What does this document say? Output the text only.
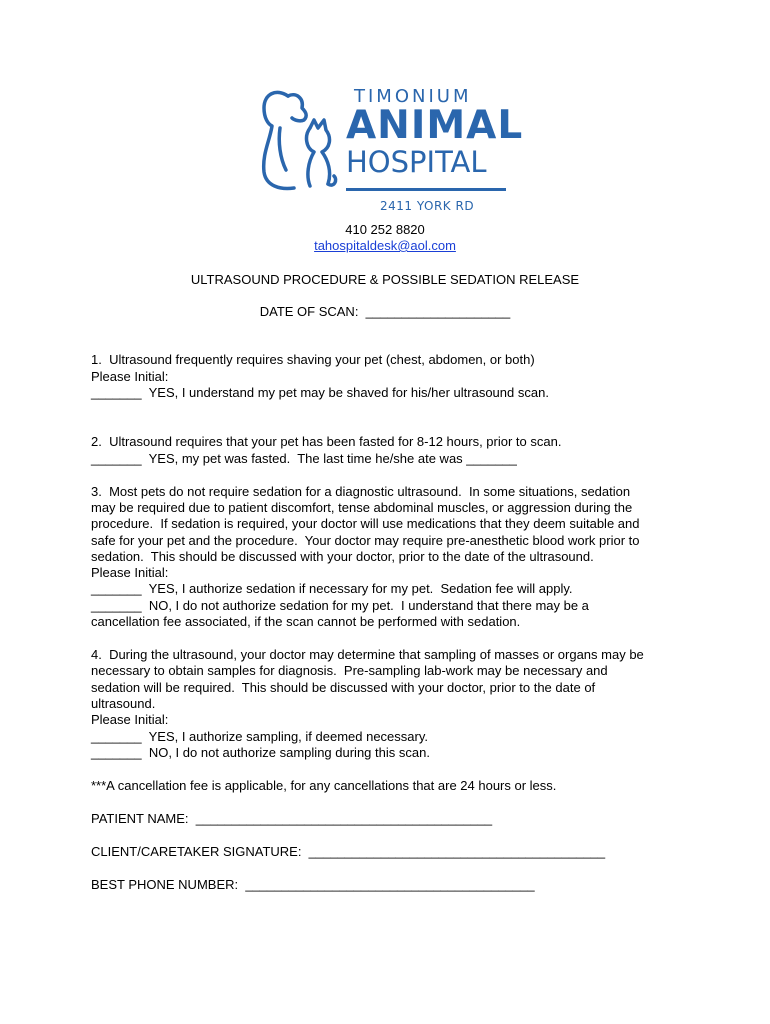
TIMONIUM
ANIMAL
HOSPITAL
2411 YORK RD
410 252 8820
tahospitaldesk@aol.com
ULTRASOUND PROCEDURE & POSSIBLE SEDATION RELEASE
DATE OF SCAN:  ____________________
1.  Ultrasound frequently requires shaving your pet (chest, abdomen, or both)
Please Initial:
_______  YES, I understand my pet may be shaved for his/her ultrasound scan.
2.  Ultrasound requires that your pet has been fasted for 8-12 hours, prior to scan.
_______  YES, my pet was fasted.  The last time he/she ate was _______
3.  Most pets do not require sedation for a diagnostic ultrasound.  In some situations, sedation
may be required due to patient discomfort, tense abdominal muscles, or aggression during the
procedure.  If sedation is required, your doctor will use medications that they deem suitable and
safe for your pet and the procedure.  Your doctor may require pre-anesthetic blood work prior to
sedation.  This should be discussed with your doctor, prior to the date of the ultrasound.
Please Initial:
_______  YES, I authorize sedation if necessary for my pet.  Sedation fee will apply.
_______  NO, I do not authorize sedation for my pet.  I understand that there may be a
cancellation fee associated, if the scan cannot be performed with sedation.
4.  During the ultrasound, your doctor may determine that sampling of masses or organs may be
necessary to obtain samples for diagnosis.  Pre-sampling lab-work may be necessary and
sedation will be required.  This should be discussed with your doctor, prior to the date of
ultrasound.
Please Initial:
_______  YES, I authorize sampling, if deemed necessary.
_______  NO, I do not authorize sampling during this scan.
***A cancellation fee is applicable, for any cancellations that are 24 hours or less.
PATIENT NAME:  _________________________________________
CLIENT/CARETAKER SIGNATURE:  _________________________________________
BEST PHONE NUMBER:  ________________________________________
